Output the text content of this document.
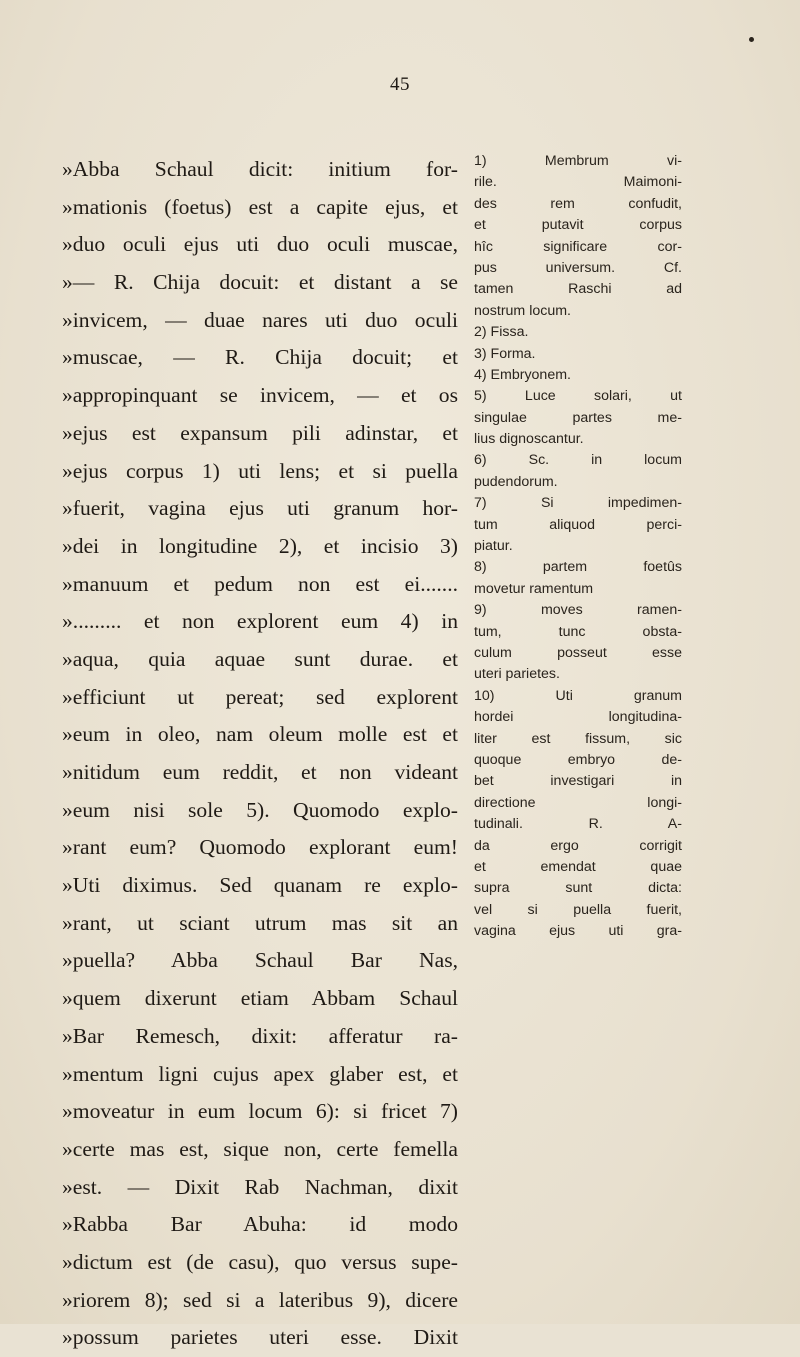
45
»Abba Schaul dicit: initium for-
»mationis (foetus) est a capite ejus, et
»duo oculi ejus uti duo oculi muscae,
»— R. Chija docuit: et distant a se
»invicem, — duae nares uti duo oculi
»muscae, — R. Chija docuit; et
»appropinquant se invicem, — et os
»ejus est expansum pili adinstar, et
»ejus corpus 1) uti lens; et si puella
»fuerit, vagina ejus uti granum hor-
»dei in longitudine 2), et incisio 3)
»manuum et pedum non est ei.......
»......... et non explorent eum 4) in
»aqua, quia aquae sunt durae. et
»efficiunt ut pereat; sed explorent
»eum in oleo, nam oleum molle est et
»nitidum eum reddit, et non videant
»eum nisi sole 5). Quomodo explo-
»rant eum? Quomodo explorant eum!
»Uti diximus. Sed quanam re explo-
»rant, ut sciant utrum mas sit an
»puella? Abba Schaul Bar Nas,
»quem dixerunt etiam Abbam Schaul
»Bar Remesch, dixit: afferatur ra-
»mentum ligni cujus apex glaber est, et
»moveatur in eum locum 6): si fricet 7)
»certe mas est, sique non, certe femella
»est. — Dixit Rab Nachman, dixit
»Rabba Bar Abuha: id modo
»dictum est (de casu), quo versus supe-
»riorem 8); sed si a lateribus 9), dicere
»possum parietes uteri esse. Dixit
1) Membrum vi-
rile. Maimoni-
des rem confudit,
et putavit corpus
hîc significare cor-
pus universum. Cf.
tamen Raschi ad
nostrum locum.
2) Fissa.
3) Forma.
4) Embryonem.
5) Luce solari, ut
singulae partes me-
lius dignoscantur.
6) Sc. in locum
pudendorum.
7) Si impedimen-
tum aliquod perci-
piatur.
8) partem foetûs
movetur ramentum
9) moves ramen-
tum, tunc obsta-
culum posseut esse
uteri parietes.
10) Uti granum
hordei longitudina-
liter est fissum, sic
quoque embryo de-
bet investigari in
directione longi-
tudinali. R. A-
da ergo corrigit
et emendat quae
supra sunt dicta:
vel si puella fuerit,
vagina ejus uti gra-
